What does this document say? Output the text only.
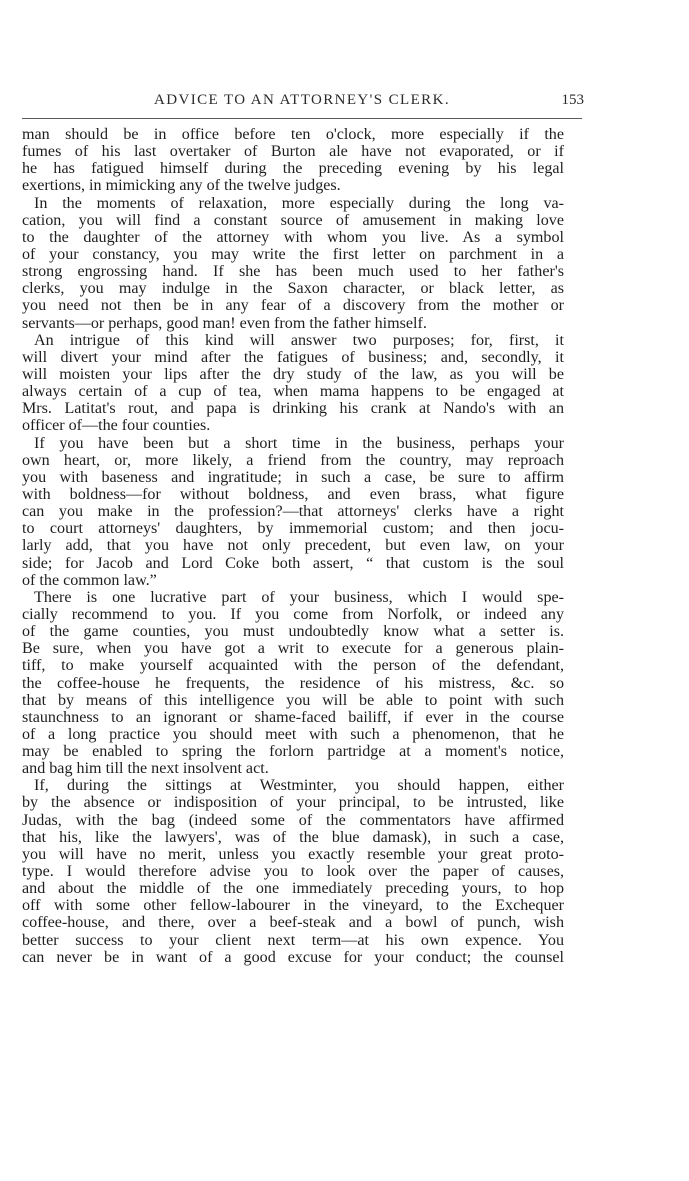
ADVICE TO AN ATTORNEY'S CLERK.	153
man should be in office before ten o'clock, more especially if the
fumes of his last overtaker of Burton ale have not evaporated, or if
he has fatigued himself during the preceding evening by his legal
exertions, in mimicking any of the twelve judges.
In the moments of relaxation, more especially during the long va-
cation, you will find a constant source of amusement in making love
to the daughter of the attorney with whom you live. As a symbol
of your constancy, you may write the first letter on parchment in a
strong engrossing hand. If she has been much used to her father's
clerks, you may indulge in the Saxon character, or black letter, as
you need not then be in any fear of a discovery from the mother or
servants—or perhaps, good man! even from the father himself.
An intrigue of this kind will answer two purposes; for, first, it
will divert your mind after the fatigues of business; and, secondly, it
will moisten your lips after the dry study of the law, as you will be
always certain of a cup of tea, when mama happens to be engaged at
Mrs. Latitat's rout, and papa is drinking his crank at Nando's with an
officer of—the four counties.
If you have been but a short time in the business, perhaps your
own heart, or, more likely, a friend from the country, may reproach
you with baseness and ingratitude; in such a case, be sure to affirm
with boldness—for without boldness, and even brass, what figure
can you make in the profession?—that attorneys' clerks have a right
to court attorneys' daughters, by immemorial custom; and then jocu-
larly add, that you have not only precedent, but even law, on your
side; for Jacob and Lord Coke both assert, “ that custom is the soul
of the common law.”
There is one lucrative part of your business, which I would spe-
cially recommend to you. If you come from Norfolk, or indeed any
of the game counties, you must undoubtedly know what a setter is.
Be sure, when you have got a writ to execute for a generous plain-
tiff, to make yourself acquainted with the person of the defendant,
the coffee-house he frequents, the residence of his mistress, &c. so
that by means of this intelligence you will be able to point with such
staunchness to an ignorant or shame-faced bailiff, if ever in the course
of a long practice you should meet with such a phenomenon, that he
may be enabled to spring the forlorn partridge at a moment's notice,
and bag him till the next insolvent act.
If, during the sittings at Westminter, you should happen, either
by the absence or indisposition of your principal, to be intrusted, like
Judas, with the bag (indeed some of the commentators have affirmed
that his, like the lawyers', was of the blue damask), in such a case,
you will have no merit, unless you exactly resemble your great proto-
type. I would therefore advise you to look over the paper of causes,
and about the middle of the one immediately preceding yours, to hop
off with some other fellow-labourer in the vineyard, to the Exchequer
coffee-house, and there, over a beef-steak and a bowl of punch, wish
better success to your client next term—at his own expence. You
can never be in want of a good excuse for your conduct; the counsel
